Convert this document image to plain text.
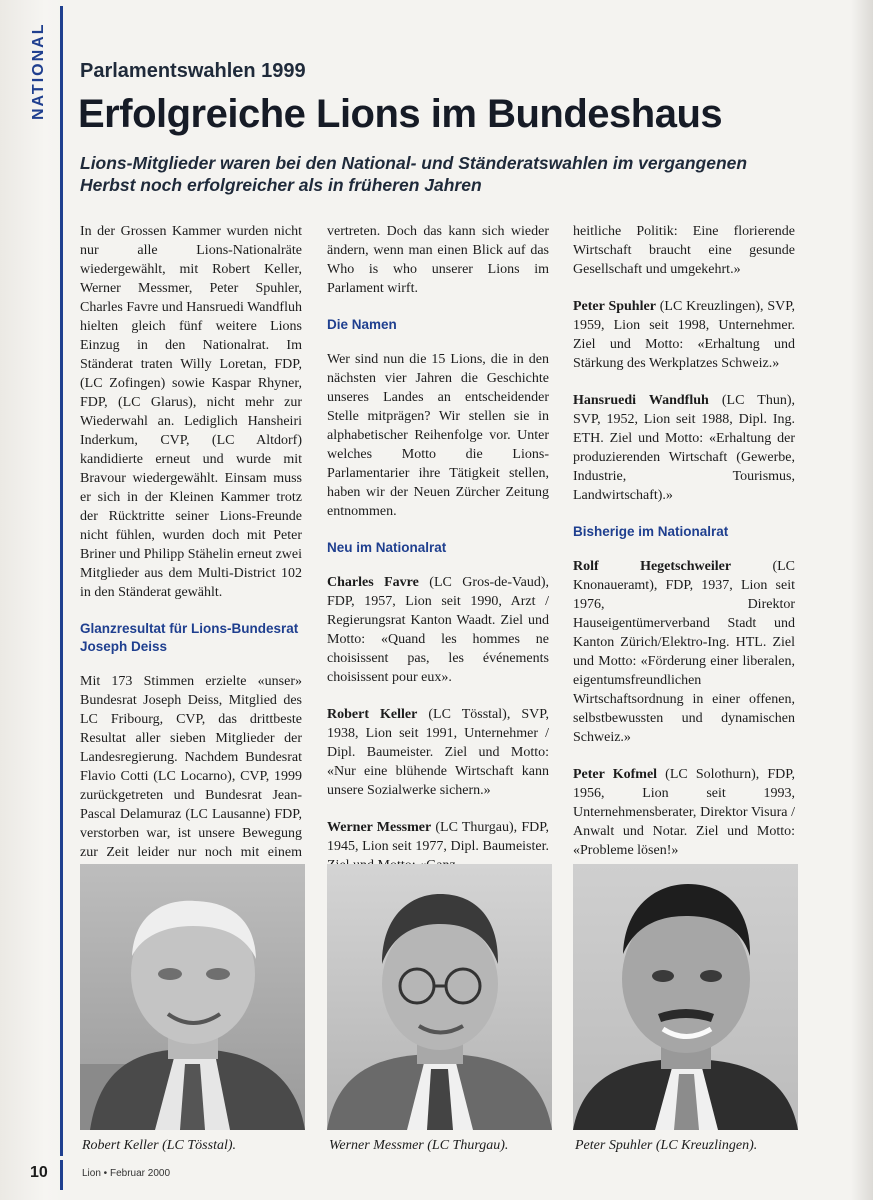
NATIONAL Parlamentswahlen 1999
Erfolgreiche Lions im Bundeshaus
Lions-Mitglieder waren bei den National- und Ständeratswahlen im vergangenen Herbst noch erfolgreicher als in früheren Jahren

In der Grossen Kammer wurden nicht nur alle Lions-Nationalräte wiedergewählt, mit Robert Keller, Werner Messmer, Peter Spuhler, Charles Favre und Hansruedi Wandfluh hielten gleich fünf weitere Lions Einzug in den Nationalrat. Im Ständerat traten Willy Loretan, FDP, (LC Zofingen) sowie Kaspar Rhyner, FDP, (LC Glarus), nicht mehr zur Wiederwahl an. Lediglich Hansheiri Inderkum, CVP, (LC Altdorf) kandidierte erneut und wurde mit Bravour wiedergewählt. Einsam muss er sich in der Kleinen Kammer trotz der Rücktritte seiner Lions-Freunde nicht fühlen, wurden doch mit Peter Briner und Philipp Stähelin erneut zwei Mitglieder aus dem Multi-District 102 in den Ständerat gewählt.

Glanzresultat für Lions-Bundesrat Joseph Deiss

Mit 173 Stimmen erzielte «unser» Bundesrat Joseph Deiss, Mitglied des LC Fribourg, CVP, das drittbeste Resultat aller sieben Mitglieder der Landesregierung. Nachdem Bundesrat Flavio Cotti (LC Locarno), CVP, 1999 zurückgetreten und Bundesrat Jean-Pascal Delamuraz (LC Lausanne) FDP, verstorben war, ist unsere Bewegung zur Zeit leider nur noch mit einem

vertreten. Doch das kann sich wieder ändern, wenn man einen Blick auf das Who is who unserer Lions im Parlament wirft.

Die Namen

Wer sind nun die 15 Lions, die in den nächsten vier Jahren die Geschichte unseres Landes an entscheidender Stelle mitprägen? Wir stellen sie in alphabetischer Reihenfolge vor. Unter welches Motto die Lions-Parlamentarier ihre Tätigkeit stellen, haben wir der Neuen Zürcher Zeitung entnommen.

Neu im Nationalrat

Charles Favre (LC Gros-de-Vaud), FDP, 1957, Lion seit 1990, Arzt / Regierungsrat Kanton Waadt. Ziel und Motto: «Quand les hommes ne choisissent pas, les événements choisissent pour eux».

Robert Keller (LC Tösstal), SVP, 1938, Lion seit 1991, Unternehmer / Dipl. Baumeister. Ziel und Motto: «Nur eine blühende Wirtschaft kann unsere Sozialwerke sichern.»

Werner Messmer (LC Thurgau), FDP, 1945, Lion seit 1977, Dipl. Baumeister.

heitliche Politik: Eine florierende Wirtschaft braucht eine gesunde Gesellschaft und umgekehrt.»

Peter Spuhler (LC Kreuzlingen), SVP, 1959, Lion seit 1998, Unternehmer. Ziel und Motto: «Erhaltung und Stärkung des Werkplatzes Schweiz.»

Hansruedi Wandfluh (LC Thun), SVP, 1952, Lion seit 1988, Dipl. Ing. ETH. Ziel und Motto: «Erhaltung der produzierenden Wirtschaft (Gewerbe, Industrie, Tourismus, Landwirtschaft).»

Bisherige im Nationalrat

Rolf Hegetschweiler (LC Knonaueramt), FDP, 1937, Lion seit 1976, Direktor Hauseigentümerverband Stadt und Kanton Zürich/Elektro-Ing. HTL. Ziel und Motto: «Förderung einer liberalen, eigentumsfreundlichen Wirtschaftsordnung in einer offenen, selbstbewussten und dynamischen Schweiz.»

Peter Kofmel (LC Solothurn), FDP, 1956, Lion seit 1993, Unternehmensberater, Direktor Visura / Anwalt und Notar. Ziel und Motto: «Probleme lösen!»

Robert Keller (LC Tösstal).	Werner Messmer (LC Thurgau).	Peter Spuhler (LC Kreuzlingen).
10	Lion • Februar 2000
